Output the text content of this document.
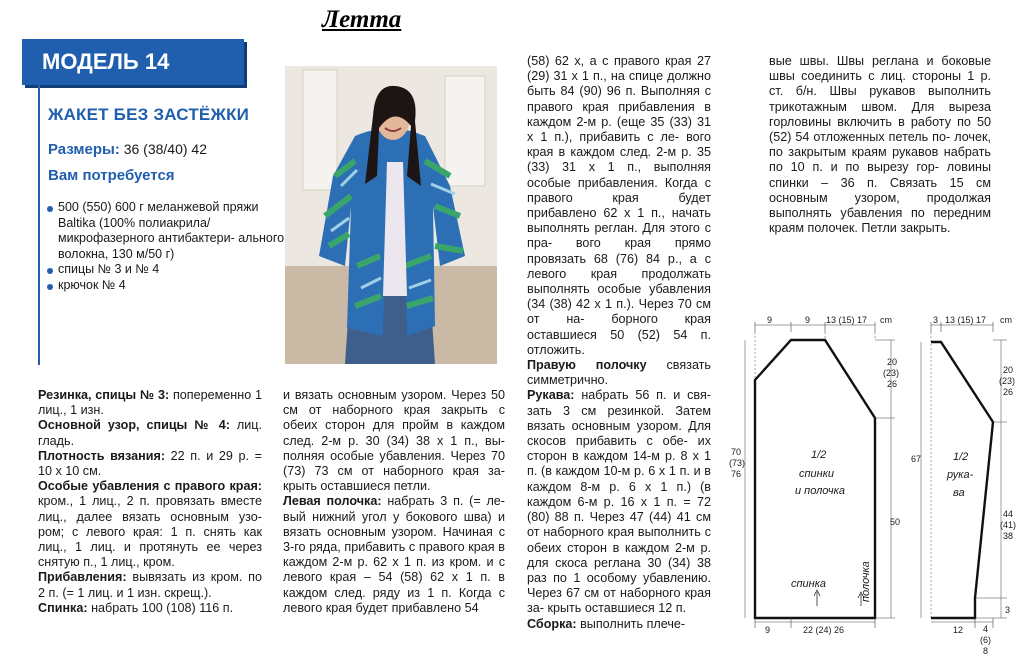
Летта
МОДЕЛЬ 14
ЖАКЕТ БЕЗ ЗАСТЁЖКИ
Размеры: 36 (38/40) 42
Вам потребуется
500 (550) 600 г меланжевой пряжи Baltika (100% полиакрила/ микрофазерного антибактери- ального волокна, 130 м/50 г)
спицы № 3 и № 4
крючок № 4

Резинка, спицы № 3: попеременно 1 лиц., 1 изн.

Основной узор, спицы № 4: лиц. гладь.

Плотность вязания: 22 п. и 29 р. = 10 х 10 см.

Особые убавления с правого края: кром., 1 лиц., 2 п. провязать вместе лиц., далее вязать основным узо- ром; с левого края: 1 п. снять как лиц., 1 лиц. и протянуть ее через снятую п., 1 лиц., кром.

Прибавления: вывязать из кром. по 2 п. (= 1 лиц. и 1 изн. скрещ.).

Спинка: набрать 100 (108) 116 п.

и вязать основным узором. Через 50 см от наборного края закрыть с обеих сторон для пройм в каждом след. 2-м р. 30 (34) 38 х 1 п., вы- полняя особые убавления. Через 70 (73) 73 см от наборного края за- крыть оставшиеся петли.

Левая полочка: набрать 3 п. (= ле- вый нижний угол у бокового шва) и вязать основным узором. Начиная с 3-го ряда, прибавить с правого края в каждом 2-м р. 62 х 1 п. из кром. и с левого края – 54 (58) 62 х 1 п. в каждом след. ряду из 1 п. Когда с левого края будет прибавлено 54

(58) 62 х, а с правого края 27 (29) 31 х 1 п., на спице должно быть 84 (90) 96 п. Выполняя с правого края прибавления в каждом 2-м р. (еще 35 (33) 31 х 1 п.), прибавить с ле- вого края в каждом след. 2-м р. 35 (33) 31 х 1 п., выполняя особые прибавления. Когда с правого края будет прибавлено 62 х 1 п., начать выполнять реглан. Для этого с пра- вого края прямо провязать 68 (76) 84 р., а с левого края продолжать выполнять особые убавления (34 (38) 42 х 1 п.). Через 70 см от на- борного края оставшиеся 50 (52) 54 п. отложить.

Правую полочку связать симметрично.

Рукава: набрать 56 п. и свя- зать 3 см резинкой. Затем вязать основным узором. Для скосов прибавить с обе- их сторон в каждом 14-м р. 8 х 1 п. (в каждом 10-м р. 6 х 1 п. и в каждом 8-м р. 6 х 1 п.) (в каждом 6-м р. 16 х 1 п. = 72 (80) 88 п. Через 47 (44) 41 см от наборного края выполнить с обеих сторон в каждом 2-м р. для скоса реглана 30 (34) 38 раз по 1 особому убавлению. Через 67 см от наборного края за- крыть оставшиеся 12 п.

Сборка: выполнить плече-

вые швы. Швы реглана и боковые швы соединить с лиц. стороны 1 р. ст. б/н. Швы рукавов выполнить трикотажным швом. Для выреза горловины включить в работу по 50 (52) 54 отложенных петель по- лочек, по закрытым краям рукавов набрать по 10 п. и по вырезу гор- ловины спинки – 36 п. Связать 15 см основным узором, продолжая выполнять убавления по передним краям полочек. Петли закрыть.

9	9 13 (15) 17 cm
20
(23)
26
70
(73)
76
50
1/2
спинки
и полочка
спинка	полочка
9	22 (24) 26
3 13 (15) 17 cm
20
(23)
26
67	1/2
рука-
ва
44
(41)
38
3
12 4
(6)
8
